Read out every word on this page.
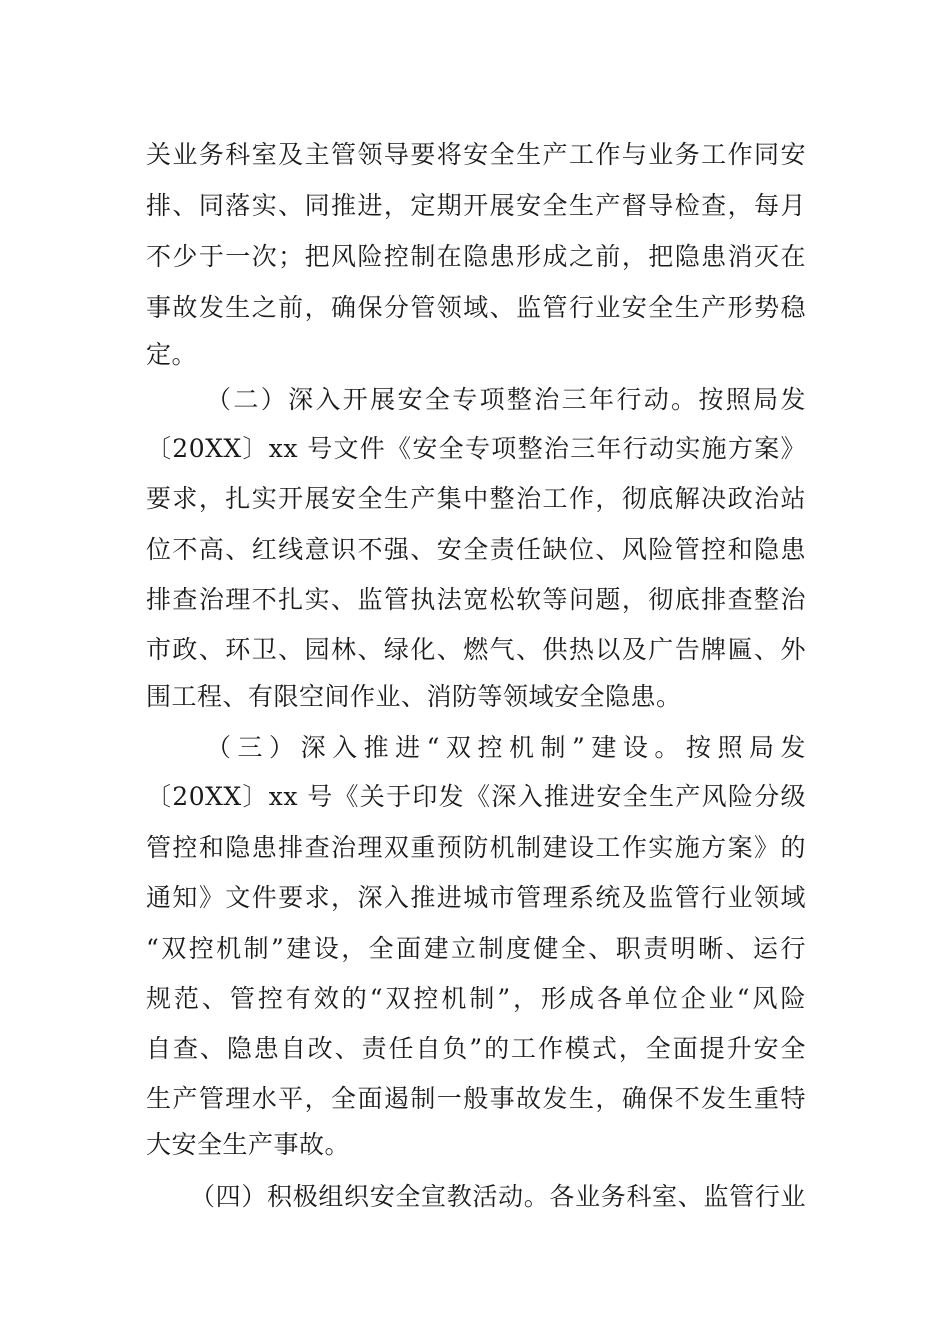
关业务科室及主管领导要将安全生产工作与业务工作同安
排、同落实、同推进，定期开展安全生产督导检查，每月
不少于一次；把风险控制在隐患形成之前，把隐患消灭在
事故发生之前，确保分管领域、监管行业安全生产形势稳
定。
（二）深入开展安全专项整治三年行动。按照局发
〔20XX〕xx 号文件《安全专项整治三年行动实施方案》
要求，扎实开展安全生产集中整治工作，彻底解决政治站
位不高、红线意识不强、安全责任缺位、风险管控和隐患
排查治理不扎实、监管执法宽松软等问题，彻底排查整治
市政、环卫、园林、绿化、燃气、供热以及广告牌匾、外
围工程、有限空间作业、消防等领域安全隐患。
（三）深入推进“双控机制”建设。按照局发
〔20XX〕xx 号《关于印发《深入推进安全生产风险分级
管控和隐患排查治理双重预防机制建设工作实施方案》的
通知》文件要求，深入推进城市管理系统及监管行业领域
“双控机制”建设，全面建立制度健全、职责明晰、运行
规范、管控有效的“双控机制”，形成各单位企业“风险
自查、隐患自改、责任自负”的工作模式，全面提升安全
生产管理水平，全面遏制一般事故发生，确保不发生重特
大安全生产事故。
（四）积极组织安全宣教活动。各业务科室、监管行业
